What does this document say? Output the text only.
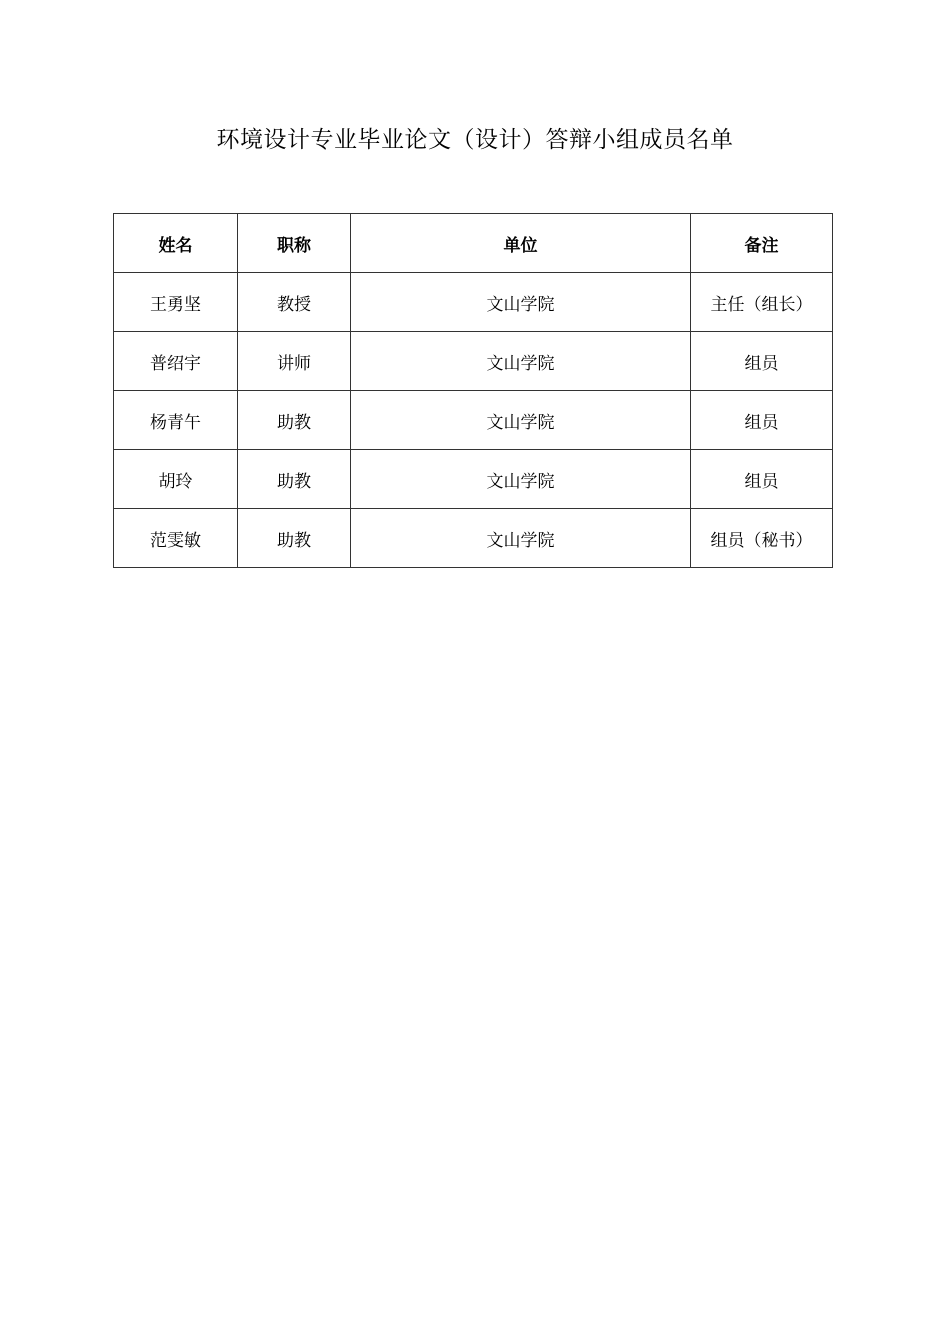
环境设计专业毕业论文（设计）答辩小组成员名单
姓名	职称	单位	备注
王勇坚	教授	文山学院	主任（组长）
普绍宇	讲师	文山学院	组员
杨青午	助教	文山学院	组员
胡玲	助教	文山学院	组员
范雯敏	助教	文山学院	组员（秘书）
